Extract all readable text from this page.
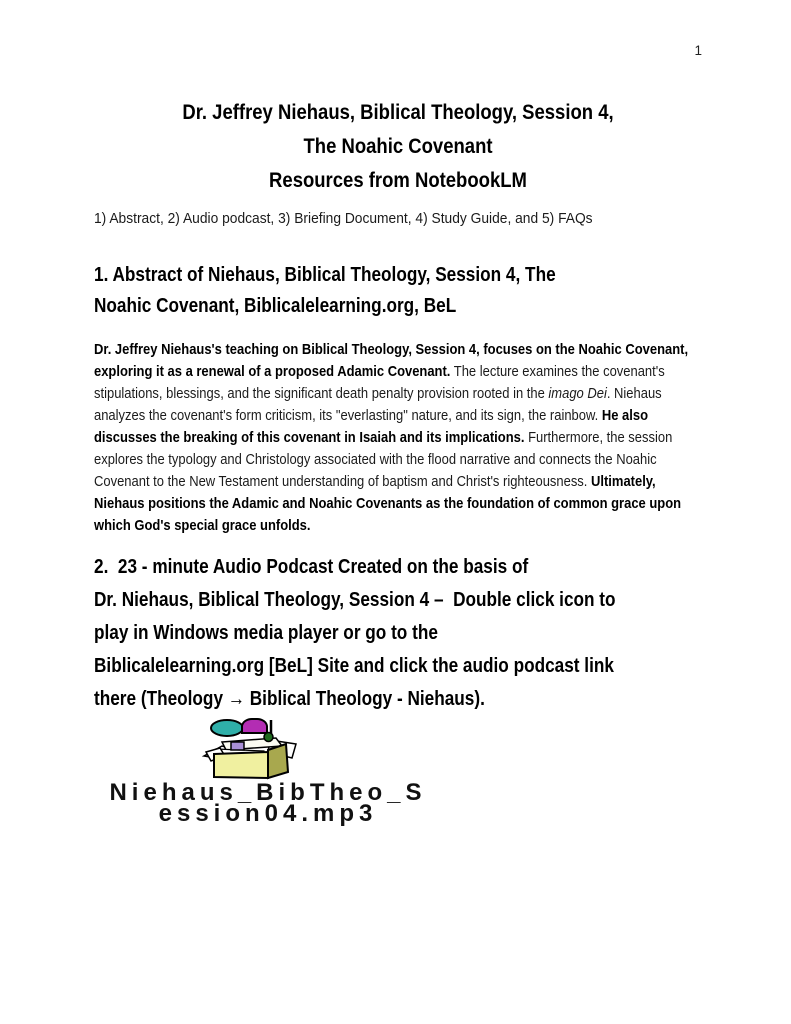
1
Dr. Jeffrey Niehaus, Biblical Theology, Session 4,
The Noahic Covenant
Resources from NotebookLM
1) Abstract, 2) Audio podcast, 3) Briefing Document, 4) Study Guide, and 5) FAQs
1. Abstract of Niehaus, Biblical Theology, Session 4, The
Noahic Covenant, Biblicalelearning.org, BeL
Dr. Jeffrey Niehaus's teaching on Biblical Theology, Session 4, focuses on the Noahic Covenant, exploring it as a renewal of a proposed Adamic Covenant. The lecture examines the covenant's stipulations, blessings, and the significant death penalty provision rooted in the imago Dei. Niehaus analyzes the covenant's form criticism, its "everlasting" nature, and its sign, the rainbow. He also discusses the breaking of this covenant in Isaiah and its implications. Furthermore, the session explores the typology and Christology associated with the flood narrative and connects the Noahic Covenant to the New Testament understanding of baptism and Christ's righteousness. Ultimately, Niehaus positions the Adamic and Noahic Covenants as the foundation of common grace upon which God's special grace unfolds.
2.  23 - minute Audio Podcast Created on the basis of
Dr. Niehaus, Biblical Theology, Session 4 –  Double click icon to
play in Windows media player or go to the
Biblicalelearning.org [BeL] Site and click the audio podcast link
there (Theology → Biblical Theology - Niehaus).
Niehaus_BibTheo_S
ession04.mp3
